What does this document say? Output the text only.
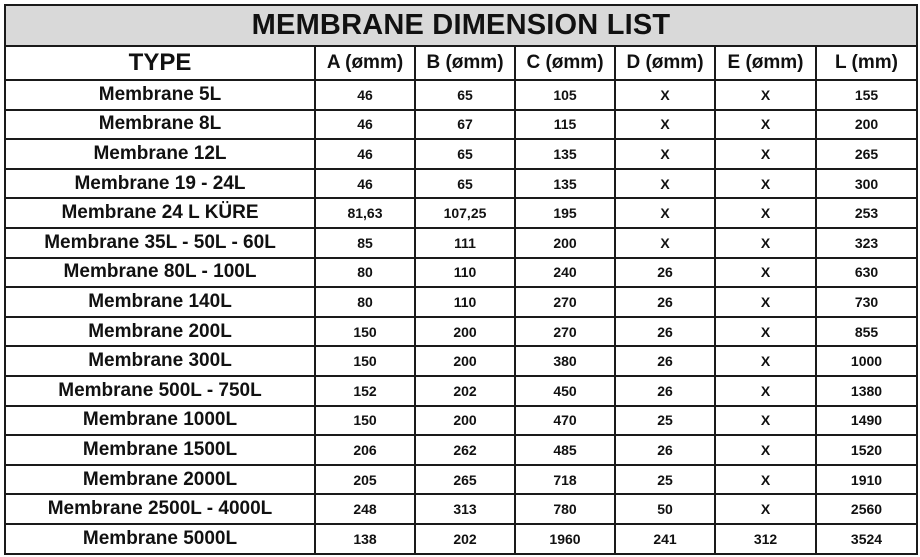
MEMBRANE DIMENSION LIST						
TYPE	A (ømm)	B (ømm)	C (ømm)	D (ømm)	E (ømm)	L (mm)
Membrane 5L	46	65	105	X	X	155
Membrane 8L	46	67	115	X	X	200
Membrane 12L	46	65	135	X	X	265
Membrane 19 - 24L	46	65	135	X	X	300
Membrane 24 L KÜRE	81,63	107,25	195	X	X	253
Membrane 35L - 50L - 60L	85	111	200	X	X	323
Membrane 80L - 100L	80	110	240	26	X	630
Membrane 140L	80	110	270	26	X	730
Membrane 200L	150	200	270	26	X	855
Membrane 300L	150	200	380	26	X	1000
Membrane 500L - 750L	152	202	450	26	X	1380
Membrane 1000L	150	200	470	25	X	1490
Membrane 1500L	206	262	485	26	X	1520
Membrane 2000L	205	265	718	25	X	1910
Membrane 2500L - 4000L	248	313	780	50	X	2560
Membrane 5000L	138	202	1960	241	312	3524
